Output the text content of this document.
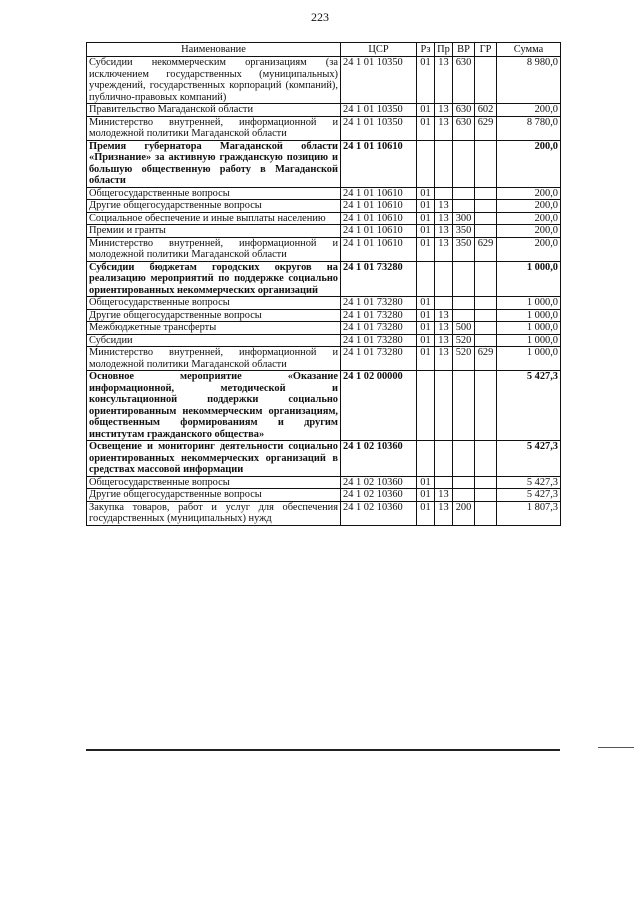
223
Наименование	ЦСР	Рз	Пр	ВР	ГР	Сумма
Субсидии некоммерческим организациям (за исключением государственных (муниципальных) учреждений, государственных корпораций (компаний), публично-правовых компаний)	24 1 01 10350	01	13	630		8 980,0
Правительство Магаданской области	24 1 01 10350	01	13	630	602	200,0
Министерство внутренней, информационной и молодежной политики Магаданской области	24 1 01 10350	01	13	630	629	8 780,0
Премия губернатора Магаданской области «Признание» за активную гражданскую позицию и большую общественную работу в Магаданской области	24 1 01 10610					200,0
Общегосударственные вопросы	24 1 01 10610	01				200,0
Другие общегосударственные вопросы	24 1 01 10610	01	13			200,0
Социальное обеспечение и иные выплаты населению	24 1 01 10610	01	13	300		200,0
Премии и гранты	24 1 01 10610	01	13	350		200,0
Министерство внутренней, информационной и молодежной политики Магаданской области	24 1 01 10610	01	13	350	629	200,0
Субсидии бюджетам городских округов на реализацию мероприятий по поддержке социально ориентированных некоммерческих организаций	24 1 01 73280					1 000,0
Общегосударственные вопросы	24 1 01 73280	01				1 000,0
Другие общегосударственные вопросы	24 1 01 73280	01	13			1 000,0
Межбюджетные трансферты	24 1 01 73280	01	13	500		1 000,0
Субсидии	24 1 01 73280	01	13	520		1 000,0
Министерство внутренней, информационной и молодежной политики Магаданской области	24 1 01 73280	01	13	520	629	1 000,0
Основное мероприятие «Оказание информационной, методической и консультационной поддержки социально ориентированным некоммерческим организациям, общественным формированиям и другим институтам гражданского общества»	24 1 02 00000					5 427,3
Освещение и мониторинг деятельности социально ориентированных некоммерческих организаций в средствах массовой информации	24 1 02 10360					5 427,3
Общегосударственные вопросы	24 1 02 10360	01				5 427,3
Другие общегосударственные вопросы	24 1 02 10360	01	13			5 427,3
Закупка товаров, работ и услуг для обеспечения государственных (муниципальных) нужд	24 1 02 10360	01	13	200		1 807,3
